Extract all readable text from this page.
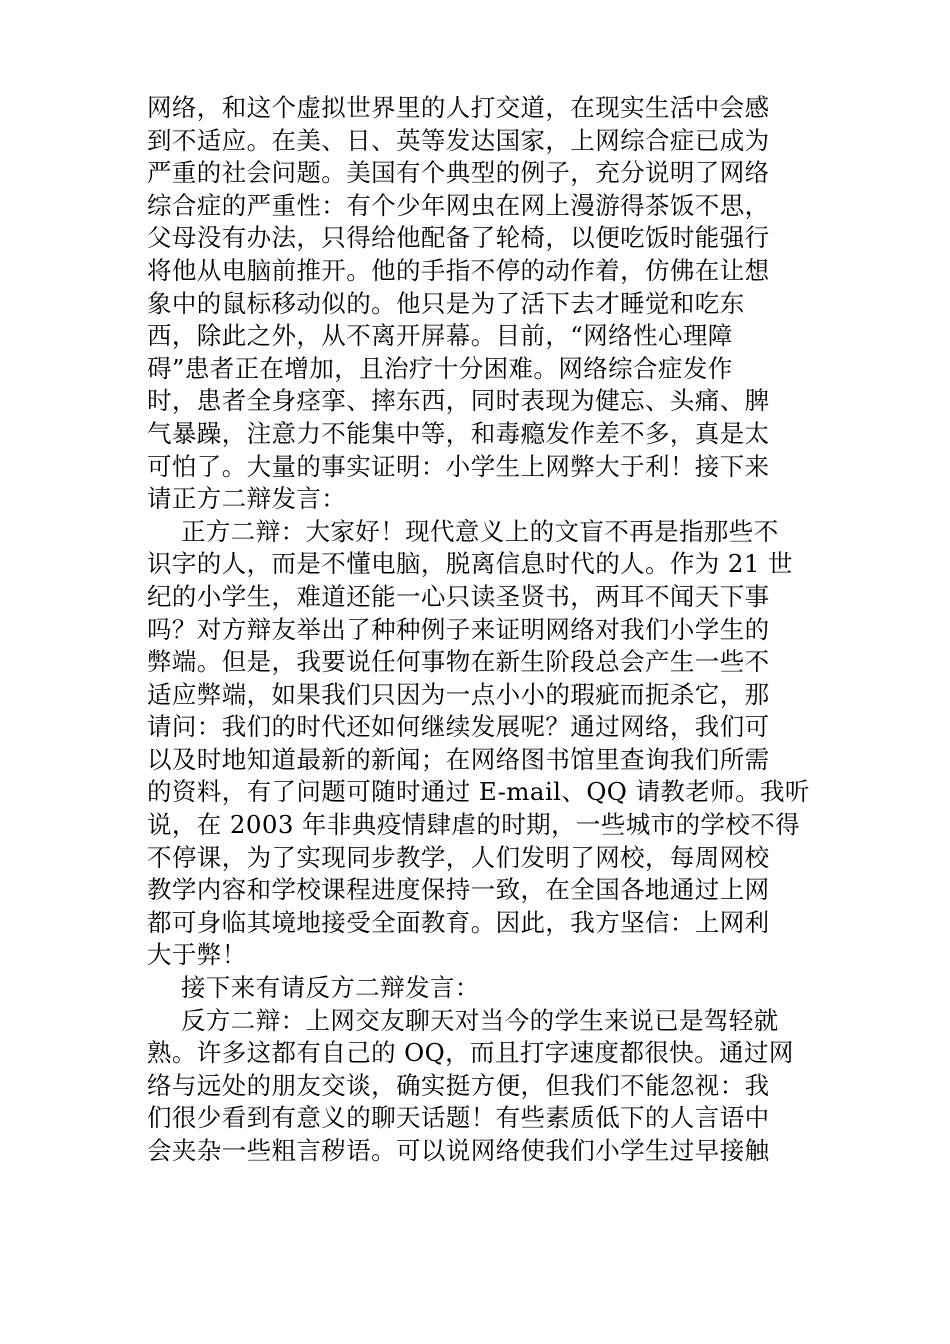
网络，和这个虚拟世界里的人打交道，在现实生活中会感
到不适应。在美、日、英等发达国家，上网综合症已成为
严重的社会问题。美国有个典型的例子，充分说明了网络
综合症的严重性：有个少年网虫在网上漫游得茶饭不思，
父母没有办法，只得给他配备了轮椅，以便吃饭时能强行
将他从电脑前推开。他的手指不停的动作着，仿佛在让想
象中的鼠标移动似的。他只是为了活下去才睡觉和吃东
西，除此之外，从不离开屏幕。目前，“网络性心理障
碍”患者正在增加，且治疗十分困难。网络综合症发作
时，患者全身痉挛、摔东西，同时表现为健忘、头痛、脾
气暴躁，注意力不能集中等，和毒瘾发作差不多，真是太
可怕了。大量的事实证明：小学生上网弊大于利！接下来
请正方二辩发言：
正方二辩：大家好！现代意义上的文盲不再是指那些不
识字的人，而是不懂电脑，脱离信息时代的人。作为 21 世
纪的小学生，难道还能一心只读圣贤书，两耳不闻天下事
吗？对方辩友举出了种种例子来证明网络对我们小学生的
弊端。但是，我要说任何事物在新生阶段总会产生一些不
适应弊端，如果我们只因为一点小小的瑕疵而扼杀它，那
请问：我们的时代还如何继续发展呢？通过网络，我们可
以及时地知道最新的新闻；在网络图书馆里查询我们所需
的资料，有了问题可随时通过 E-mail、QQ 请教老师。我听
说，在 2003 年非典疫情肆虐的时期，一些城市的学校不得
不停课，为了实现同步教学，人们发明了网校，每周网校
教学内容和学校课程进度保持一致，在全国各地通过上网
都可身临其境地接受全面教育。因此，我方坚信：上网利
大于弊！
接下来有请反方二辩发言：
反方二辩：上网交友聊天对当今的学生来说已是驾轻就
熟。许多这都有自己的 OQ，而且打字速度都很快。通过网
络与远处的朋友交谈，确实挺方便，但我们不能忽视：我
们很少看到有意义的聊天话题！有些素质低下的人言语中
会夹杂一些粗言秽语。可以说网络使我们小学生过早接触
